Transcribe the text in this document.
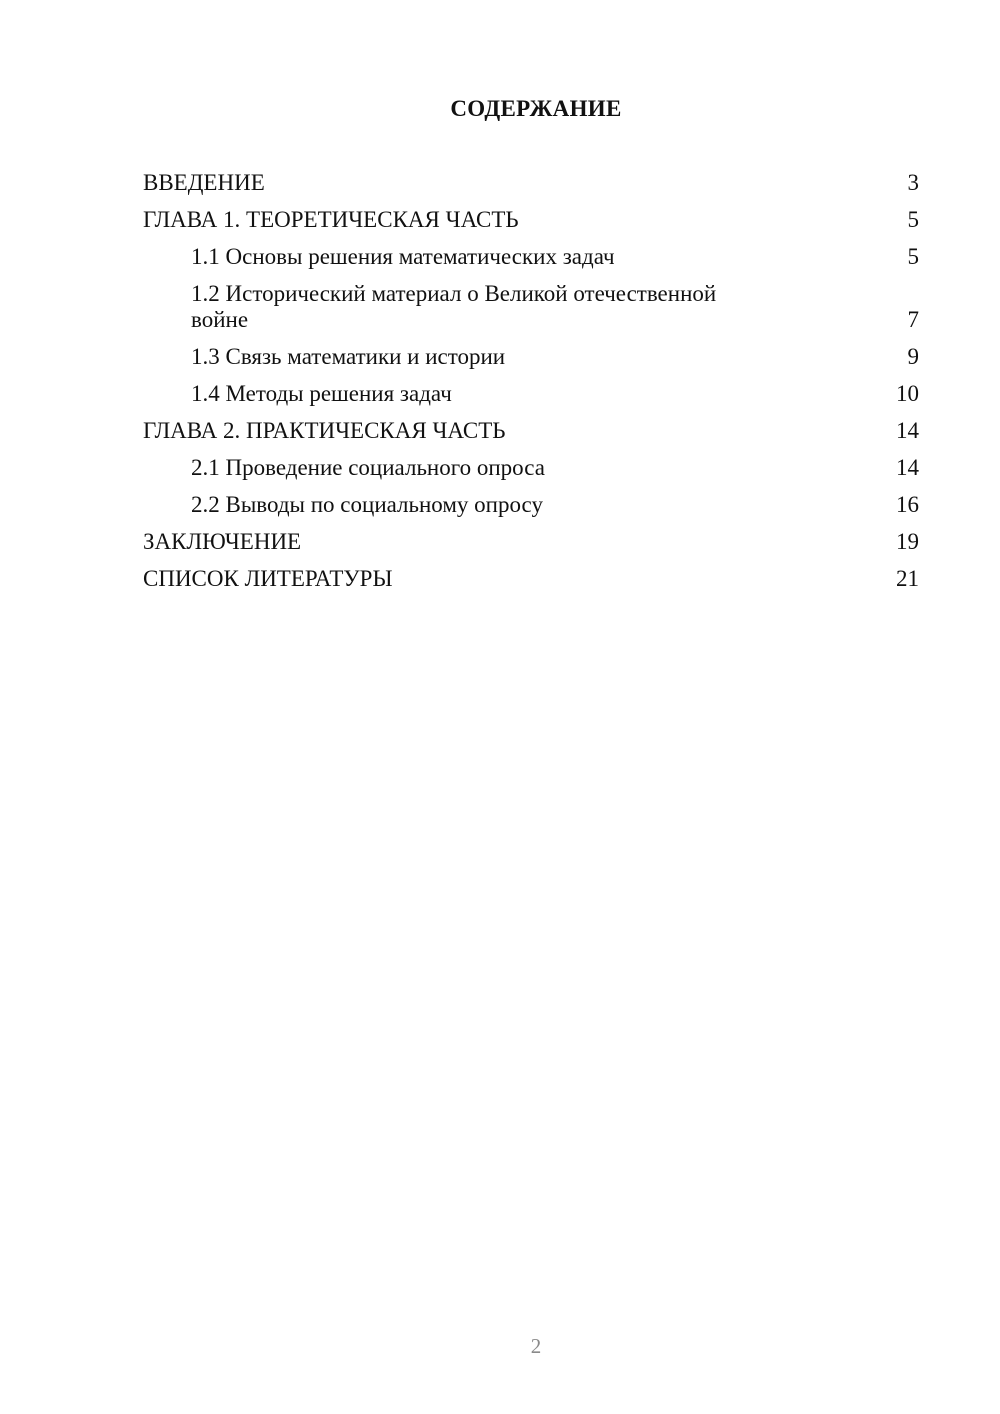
СОДЕРЖАНИЕ
ВВЕДЕНИЕ	3
ГЛАВА 1. ТЕОРЕТИЧЕСКАЯ ЧАСТЬ	5
1.1 Основы решения математических задач	5
1.2 Исторический материал о Великой отечественной войне	7
1.3 Связь математики и истории	9
1.4 Методы решения задач	10
ГЛАВА 2. ПРАКТИЧЕСКАЯ ЧАСТЬ	14
2.1 Проведение социального опроса	14
2.2 Выводы по социальному опросу	16
ЗАКЛЮЧЕНИЕ	19
СПИСОК ЛИТЕРАТУРЫ	21
2
